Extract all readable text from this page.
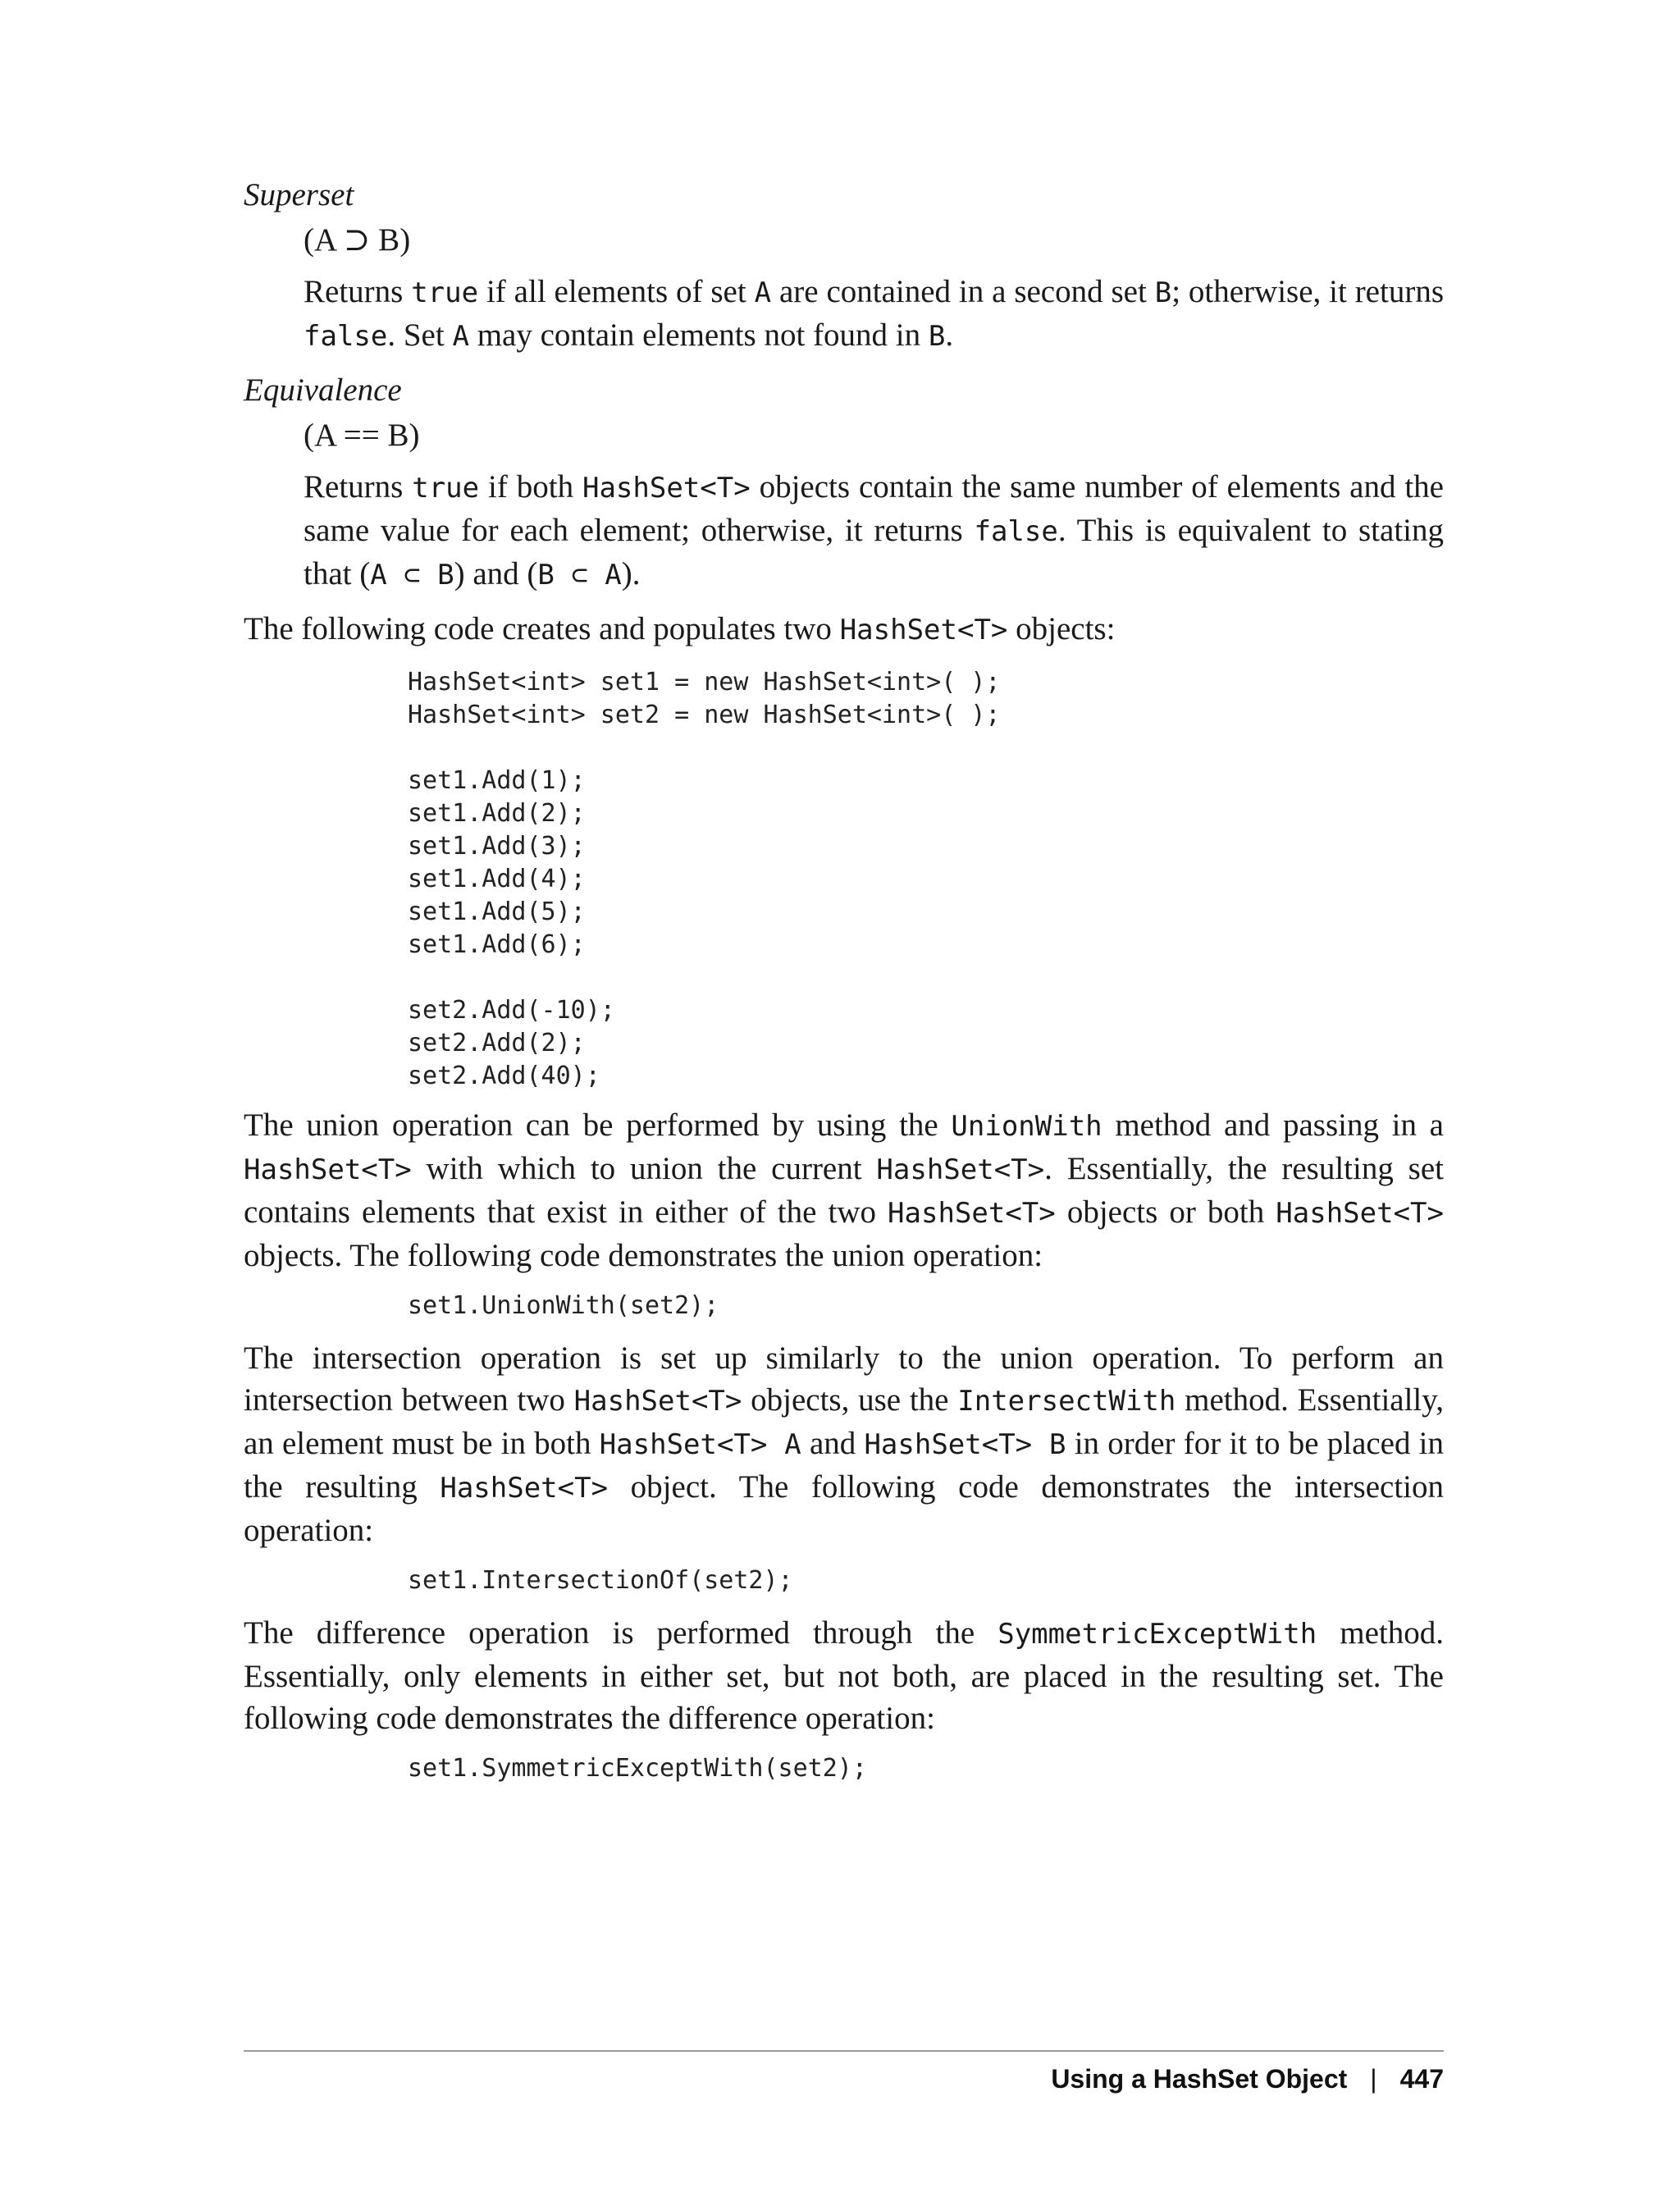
Superset

(A ⊃ B)

Returns true if all elements of set A are contained in a second set B; otherwise, it returns false. Set A may contain elements not found in B.

Equivalence

(A == B)

Returns true if both HashSet<T> objects contain the same number of elements and the same value for each element; otherwise, it returns false. This is equivalent to stating that (A ⊂ B) and (B ⊂ A).

The following code creates and populates two HashSet<T> objects:

HashSet<int> set1 = new HashSet<int>( );
HashSet<int> set2 = new HashSet<int>( );

set1.Add(1);
set1.Add(2);
set1.Add(3);
set1.Add(4);
set1.Add(5);
set1.Add(6);

set2.Add(-10);
set2.Add(2);
set2.Add(40);

The union operation can be performed by using the UnionWith method and passing in a HashSet<T> with which to union the current HashSet<T>. Essentially, the resulting set contains elements that exist in either of the two HashSet<T> objects or both HashSet<T> objects. The following code demonstrates the union operation:

set1.UnionWith(set2);

The intersection operation is set up similarly to the union operation. To perform an intersection between two HashSet<T> objects, use the IntersectWith method. Essentially, an element must be in both HashSet<T> A and HashSet<T> B in order for it to be placed in the resulting HashSet<T> object. The following code demonstrates the intersection operation:

set1.IntersectionOf(set2);

The difference operation is performed through the SymmetricExceptWith method. Essentially, only elements in either set, but not both, are placed in the resulting set. The following code demonstrates the difference operation:

set1.SymmetricExceptWith(set2);
Using a HashSet Object | 447
